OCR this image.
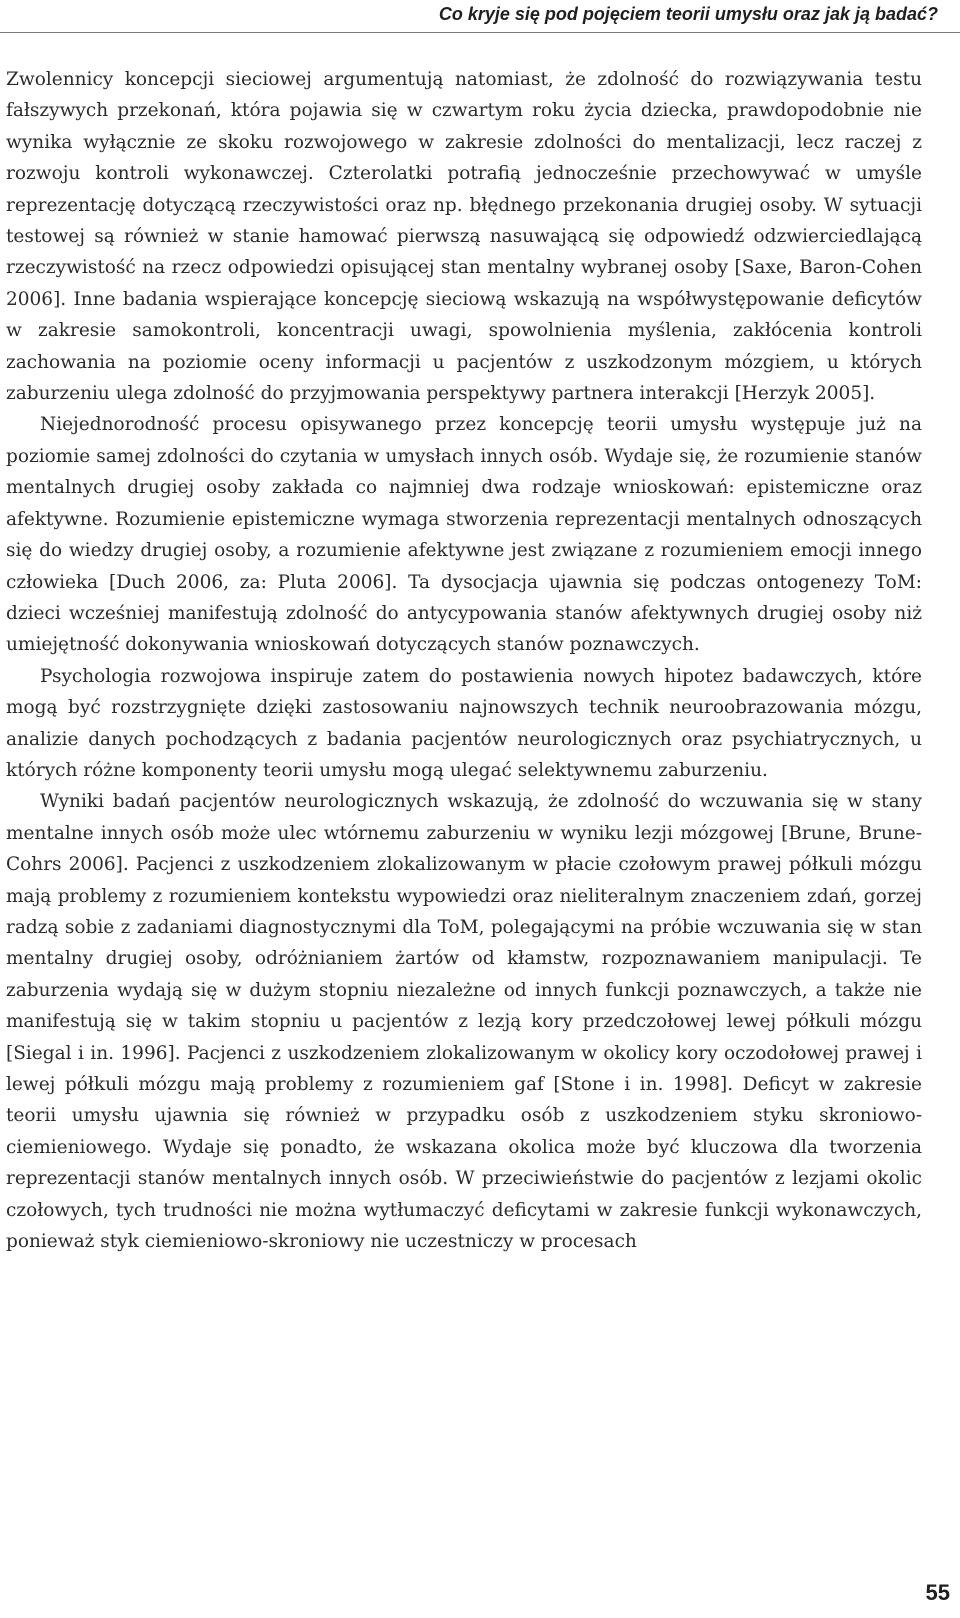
Co kryje się pod pojęciem teorii umysłu oraz jak ją badać?

Zwolennicy koncepcji sieciowej argumentują natomiast, że zdolność do rozwiązywania testu fałszywych przekonań, która pojawia się w czwartym roku życia dziecka, prawdopodobnie nie wynika wyłącznie ze skoku rozwojowego w zakresie zdolności do mentalizacji, lecz raczej z rozwoju kontroli wykonawczej. Czterolatki potrafią jednocześnie przechowywać w umyśle reprezentację dotyczącą rzeczywistości oraz np. błędnego przekonania drugiej osoby. W sytuacji testowej są również w stanie hamować pierwszą nasuwającą się odpowiedź odzwierciedlającą rzeczywistość na rzecz odpowiedzi opisującej stan mentalny wybranej osoby [Saxe, Baron-Cohen 2006]. Inne badania wspierające koncepcję sieciową wskazują na współwystępowanie deficytów w zakresie samokontroli, koncentracji uwagi, spowolnienia myślenia, zakłócenia kontroli zachowania na poziomie oceny informacji u pacjentów z uszkodzonym mózgiem, u których zaburzeniu ulega zdolność do przyjmowania perspektywy partnera interakcji [Herzyk 2005].

Niejednorodność procesu opisywanego przez koncepcję teorii umysłu występuje już na poziomie samej zdolności do czytania w umysłach innych osób. Wydaje się, że rozumienie stanów mentalnych drugiej osoby zakłada co najmniej dwa rodzaje wnioskowań: epistemiczne oraz afektywne. Rozumienie epistemiczne wymaga stworzenia reprezentacji mentalnych odnoszących się do wiedzy drugiej osoby, a rozumienie afektywne jest związane z rozumieniem emocji innego człowieka [Duch 2006, za: Pluta 2006]. Ta dysocjacja ujawnia się podczas ontogenezy ToM: dzieci wcześniej manifestują zdolność do antycypowania stanów afektywnych drugiej osoby niż umiejętność dokonywania wnioskowań dotyczących stanów poznawczych.

Psychologia rozwojowa inspiruje zatem do postawienia nowych hipotez badawczych, które mogą być rozstrzygnięte dzięki zastosowaniu najnowszych technik neuroobrazowania mózgu, analizie danych pochodzących z badania pacjentów neurologicznych oraz psychiatrycznych, u których różne komponenty teorii umysłu mogą ulegać selektywnemu zaburzeniu.

Wyniki badań pacjentów neurologicznych wskazują, że zdolność do wczuwania się w stany mentalne innych osób może ulec wtórnemu zaburzeniu w wyniku lezji mózgowej [Brune, Brune-Cohrs 2006]. Pacjenci z uszkodzeniem zlokalizowanym w płacie czołowym prawej półkuli mózgu mają problemy z rozumieniem kontekstu wypowiedzi oraz nieliteralnym znaczeniem zdań, gorzej radzą sobie z zadaniami diagnostycznymi dla ToM, polegającymi na próbie wczuwania się w stan mentalny drugiej osoby, odróżnianiem żartów od kłamstw, rozpoznawaniem manipulacji. Te zaburzenia wydają się w dużym stopniu niezależne od innych funkcji poznawczych, a także nie manifestują się w takim stopniu u pacjentów z lezją kory przedczołowej lewej półkuli mózgu [Siegal i in. 1996]. Pacjenci z uszkodzeniem zlokalizowanym w okolicy kory oczodołowej prawej i lewej półkuli mózgu mają problemy z rozumieniem gaf [Stone i in. 1998]. Deficyt w zakresie teorii umysłu ujawnia się również w przypadku osób z uszkodzeniem styku skroniowo-ciemieniowego. Wydaje się ponadto, że wskazana okolica może być kluczowa dla tworzenia reprezentacji stanów mentalnych innych osób. W przeciwieństwie do pacjentów z lezjami okolic czołowych, tych trudności nie można wytłumaczyć deficytami w zakresie funkcji wykonawczych, ponieważ styk ciemieniowo-skroniowy nie uczestniczy w procesach

55
